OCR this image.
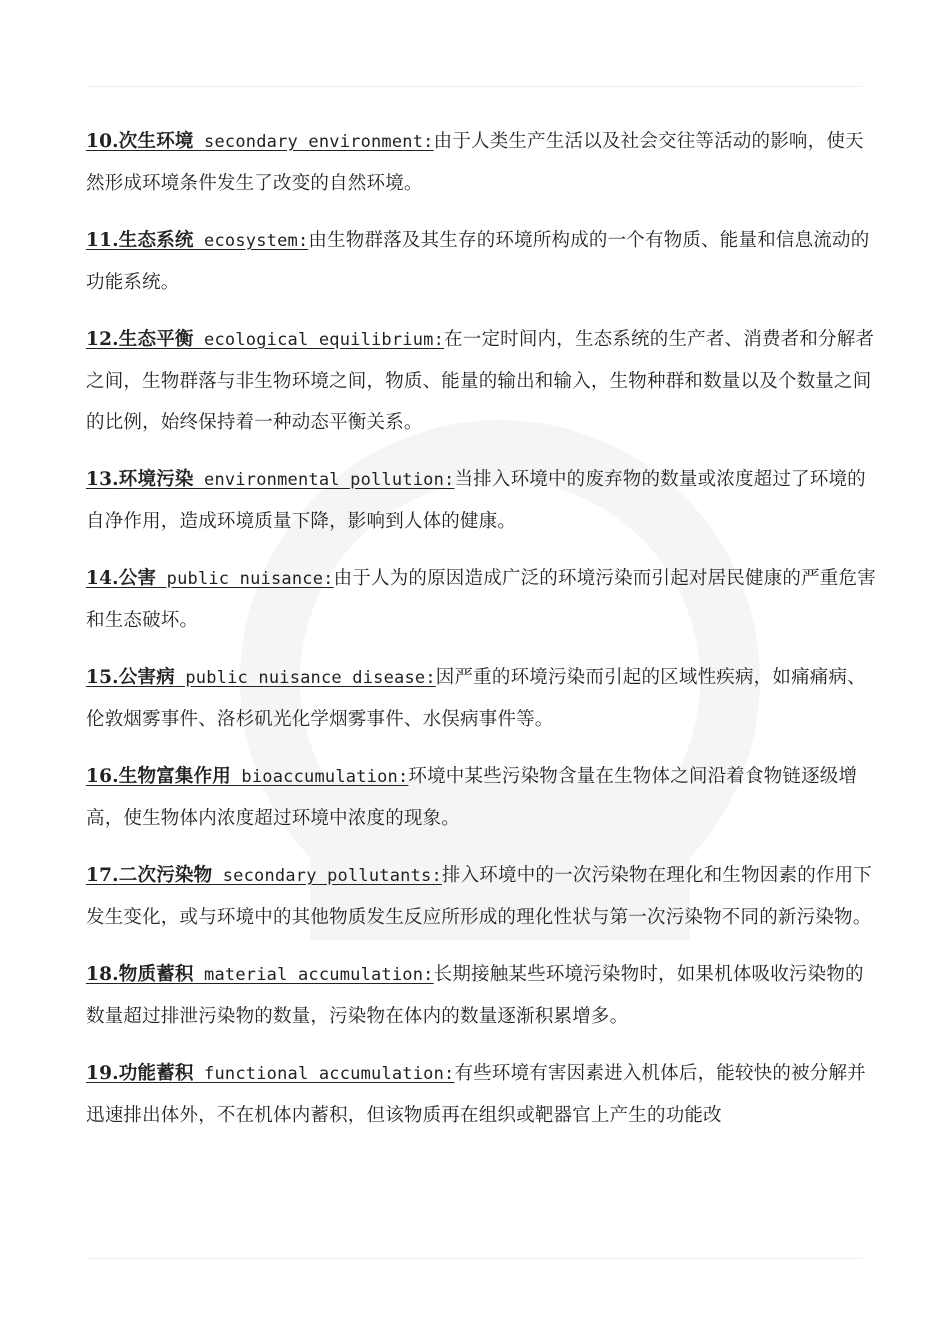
10.次生环境 secondary environment:由于人类生产生活以及社会交往等活动的影响，使天然形成环境条件发生了改变的自然环境。

11.生态系统 ecosystem:由生物群落及其生存的环境所构成的一个有物质、能量和信息流动的功能系统。

12.生态平衡 ecological equilibrium:在一定时间内，生态系统的生产者、消费者和分解者之间，生物群落与非生物环境之间，物质、能量的输出和输入，生物种群和数量以及个数量之间的比例，始终保持着一种动态平衡关系。

13.环境污染 environmental pollution:当排入环境中的废弃物的数量或浓度超过了环境的自净作用，造成环境质量下降，影响到人体的健康。

14.公害 public nuisance:由于人为的原因造成广泛的环境污染而引起对居民健康的严重危害和生态破坏。

15.公害病 public nuisance disease:因严重的环境污染而引起的区域性疾病，如痛痛病、伦敦烟雾事件、洛杉矶光化学烟雾事件、水俣病事件等。

16.生物富集作用 bioaccumulation:环境中某些污染物含量在生物体之间沿着食物链逐级增高，使生物体内浓度超过环境中浓度的现象。

17.二次污染物 secondary pollutants:排入环境中的一次污染物在理化和生物因素的作用下发生变化，或与环境中的其他物质发生反应所形成的理化性状与第一次污染物不同的新污染物。

18.物质蓄积 material accumulation:长期接触某些环境污染物时，如果机体吸收污染物的数量超过排泄污染物的数量，污染物在体内的数量逐渐积累增多。

19.功能蓄积 functional accumulation:有些环境有害因素进入机体后，能较快的被分解并迅速排出体外，不在机体内蓄积，但该物质再在组织或靶器官上产生的功能改
